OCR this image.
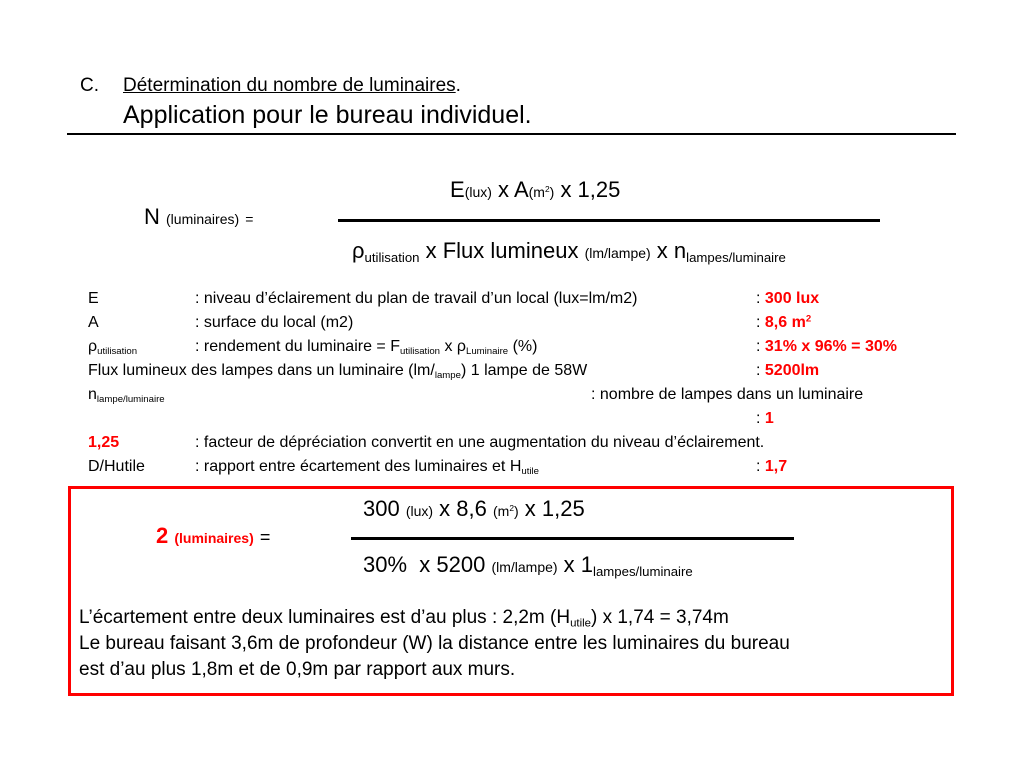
C. Détermination du nombre de luminaires.
Application pour le bureau individuel.
N (luminaires) =
E(lux) x $A(m^2)$ x 1,25
$\rho_{utilisation}$ x Flux lumineux (lm/lampe) x $n_{lampes/luminaire}$
E	: niveau d’éclairement du plan de travail d’un local (lux=lm/m2)	: 300 lux
A	: surface du local (m2)	: 8,6 $m^2$
$\rho_{utilisation}$	: rendement du luminaire = $F_{utilisation}$ x $\rho_{Luminaire}$ (%)	: 31% x 96% = 30%
Flux lumineux des lampes dans un luminaire $(lm/_{lampe})$ 1 lampe de 58W	: 5200lm
$n_{lampe/luminaire}$	: nombre de lampes dans un luminaire
: 1
1,25	: facteur de dépréciation convertit en une augmentation du niveau d’éclairement.
D/Hutile	: rapport entre écartement des luminaires et $H_{utile}$	: 1,7
2 (luminaires) =
300 (lux) x 8,6 $(m^2)$ x 1,25
30%  x 5200 (lm/lampe) x $1_{lampes/luminaire}$
L’écartement entre deux luminaires est d’au plus : 2,2m $(H_{utile})$ x 1,74 = 3,74m
Le bureau faisant 3,6m de profondeur (W) la distance entre les luminaires du bureau
est d’au plus 1,8m et de 0,9m par rapport aux murs.
